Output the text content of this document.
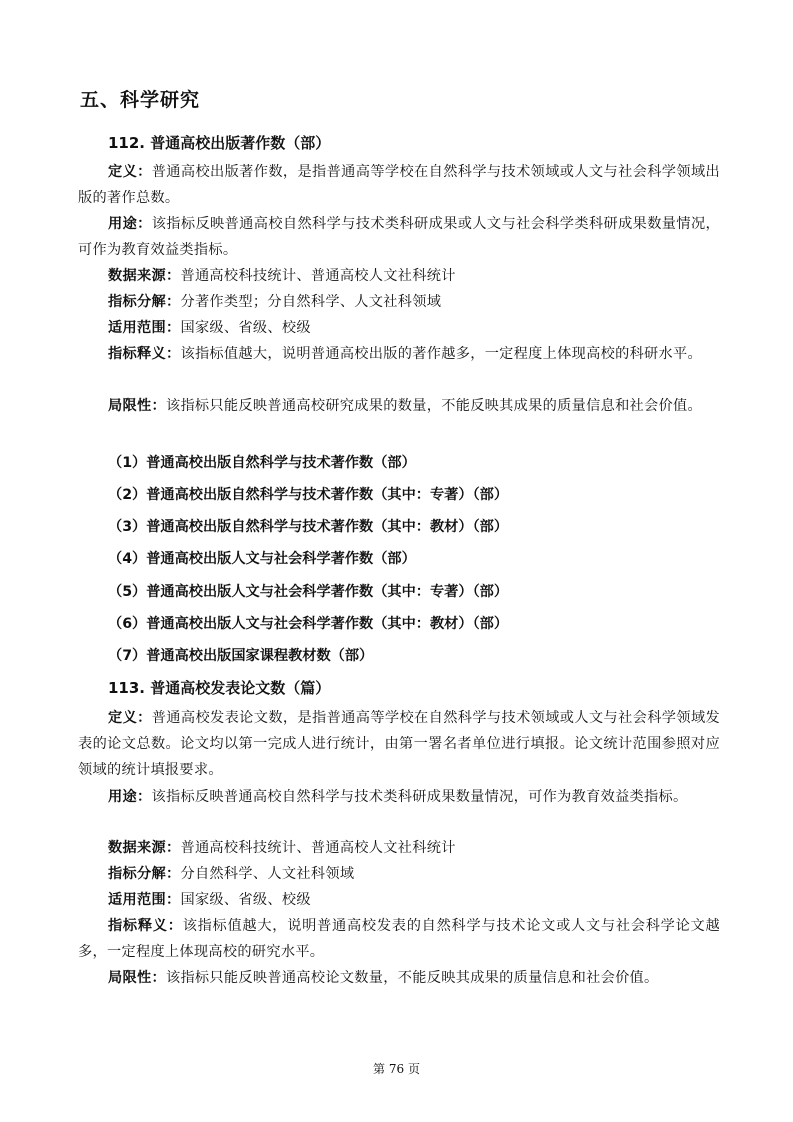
五、科学研究
112. 普通高校出版著作数（部）
定义：普通高校出版著作数，是指普通高等学校在自然科学与技术领域或人文与社会科学领域出版的著作总数。
用途：该指标反映普通高校自然科学与技术类科研成果或人文与社会科学类科研成果数量情况，可作为教育效益类指标。
数据来源：普通高校科技统计、普通高校人文社科统计
指标分解：分著作类型；分自然科学、人文社科领域
适用范围：国家级、省级、校级
指标释义：该指标值越大，说明普通高校出版的著作越多，一定程度上体现高校的科研水平。
局限性：该指标只能反映普通高校研究成果的数量，不能反映其成果的质量信息和社会价值。
（1）普通高校出版自然科学与技术著作数（部）
（2）普通高校出版自然科学与技术著作数（其中：专著）（部）
（3）普通高校出版自然科学与技术著作数（其中：教材）（部）
（4）普通高校出版人文与社会科学著作数（部）
（5）普通高校出版人文与社会科学著作数（其中：专著）（部）
（6）普通高校出版人文与社会科学著作数（其中：教材）（部）
（7）普通高校出版国家课程教材数（部）
113. 普通高校发表论文数（篇）
定义：普通高校发表论文数，是指普通高等学校在自然科学与技术领域或人文与社会科学领域发表的论文总数。论文均以第一完成人进行统计，由第一署名者单位进行填报。论文统计范围参照对应领域的统计填报要求。
用途：该指标反映普通高校自然科学与技术类科研成果数量情况，可作为教育效益类指标。
数据来源：普通高校科技统计、普通高校人文社科统计
指标分解：分自然科学、人文社科领域
适用范围：国家级、省级、校级
指标释义：该指标值越大，说明普通高校发表的自然科学与技术论文或人文与社会科学论文越多，一定程度上体现高校的研究水平。
局限性：该指标只能反映普通高校论文数量，不能反映其成果的质量信息和社会价值。
第 76 页
